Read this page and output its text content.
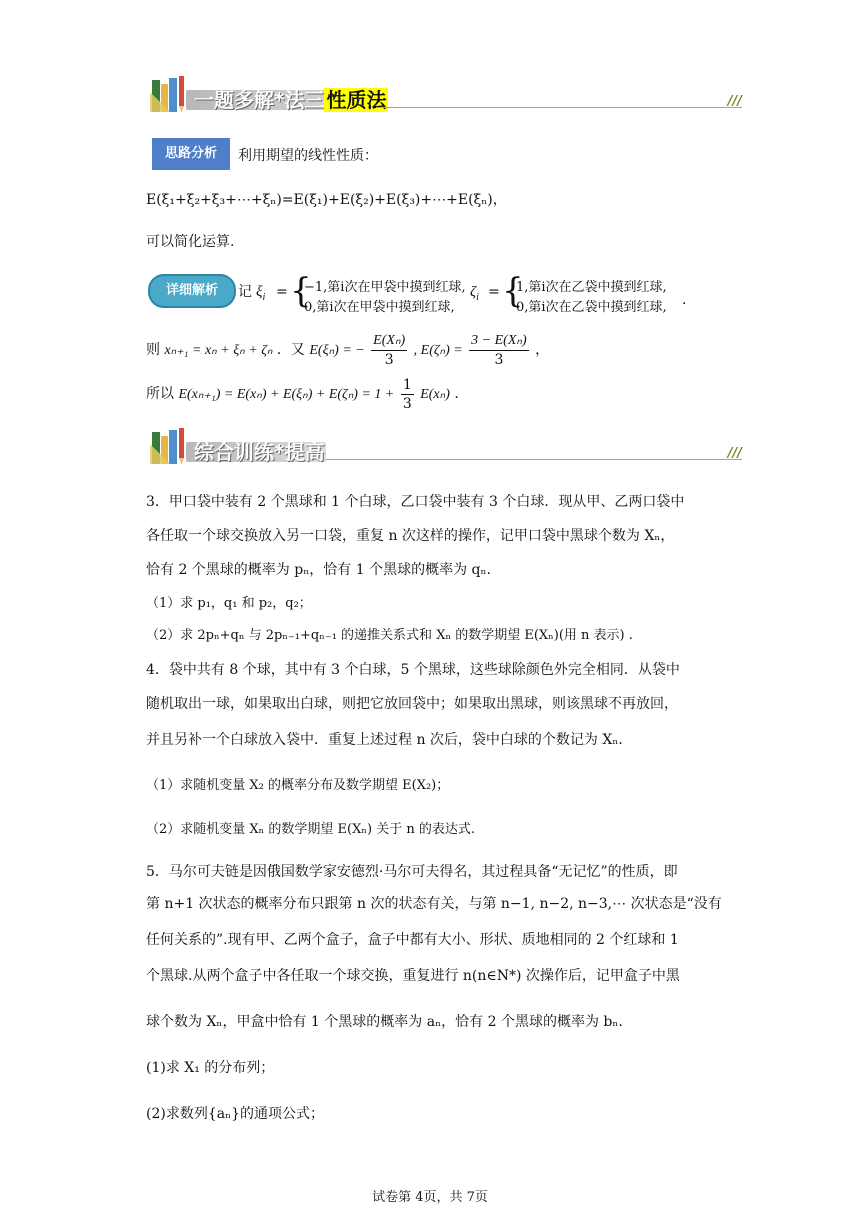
一题多解*法三 性质法	///
思路分析	利用期望的线性性质：
E(ξ₁+ξ₂+ξ₃+⋯+ξₙ)=E(ξ₁)+E(ξ₂)+E(ξ₃)+⋯+E(ξₙ)，
可以简化运算.
详细解析	记 $\xi_i$ = {
−1,第i次在甲袋中摸到红球,
0,第i次在甲袋中摸到红球,
$\zeta_i$ = {
1,第i次在乙袋中摸到红球,
0,第i次在乙袋中摸到红球, .
则 xₙ₊₁ = xₙ + ξₙ + ζₙ ．又 E(ξₙ) = − $\frac{\text{E(Xₙ)}}{3}$ , $E(\zeta_n) = \frac{\text{3 − E(Xₙ)}}{3}$ ，
所以 $E(x_{n+1}) = E(x_n) + E(\xi_n) + E(\zeta_n) = 1 + \frac{1}{3} E(x_n)$ .
综合训练*提高	///
3．甲口袋中装有 2 个黑球和 1 个白球，乙口袋中装有 3 个白球．现从甲、乙两口袋中
各任取一个球交换放入另一口袋，重复 n 次这样的操作，记甲口袋中黑球个数为 Xₙ，
恰有 2 个黑球的概率为 pₙ，恰有 1 个黑球的概率为 qₙ.
（1）求 p₁，q₁ 和 p₂，q₂；
（2）求 2pₙ+qₙ 与 2pₙ₋₁+qₙ₋₁ 的递推关系式和 Xₙ 的数学期望 E(Xₙ)(用 n 表示) .
4．袋中共有 8 个球，其中有 3 个白球，5 个黑球，这些球除颜色外完全相同．从袋中
随机取出一球，如果取出白球，则把它放回袋中；如果取出黑球，则该黑球不再放回，
并且另补一个白球放入袋中．重复上述过程 n 次后，袋中白球的个数记为 Xₙ．
（1）求随机变量 X₂ 的概率分布及数学期望 E(X₂)；
（2）求随机变量 Xₙ 的数学期望 E(Xₙ) 关于 n 的表达式.
5．马尔可夫链是因俄国数学家安德烈·马尔可夫得名，其过程具备“无记忆”的性质，即
第 n+1 次状态的概率分布只跟第 n 次的状态有关，与第 n−1, n−2, n−3,⋯ 次状态是“没有
任何关系的”.现有甲、乙两个盒子，盒子中都有大小、形状、质地相同的 2 个红球和 1
个黑球.从两个盒子中各任取一个球交换，重复进行 n(n∈N*) 次操作后，记甲盒子中黑
球个数为 Xₙ，甲盒中恰有 1 个黑球的概率为 aₙ，恰有 2 个黑球的概率为 bₙ.
(1)求 X₁ 的分布列；
(2)求数列{aₙ}的通项公式；
试卷第 4页，共 7页
